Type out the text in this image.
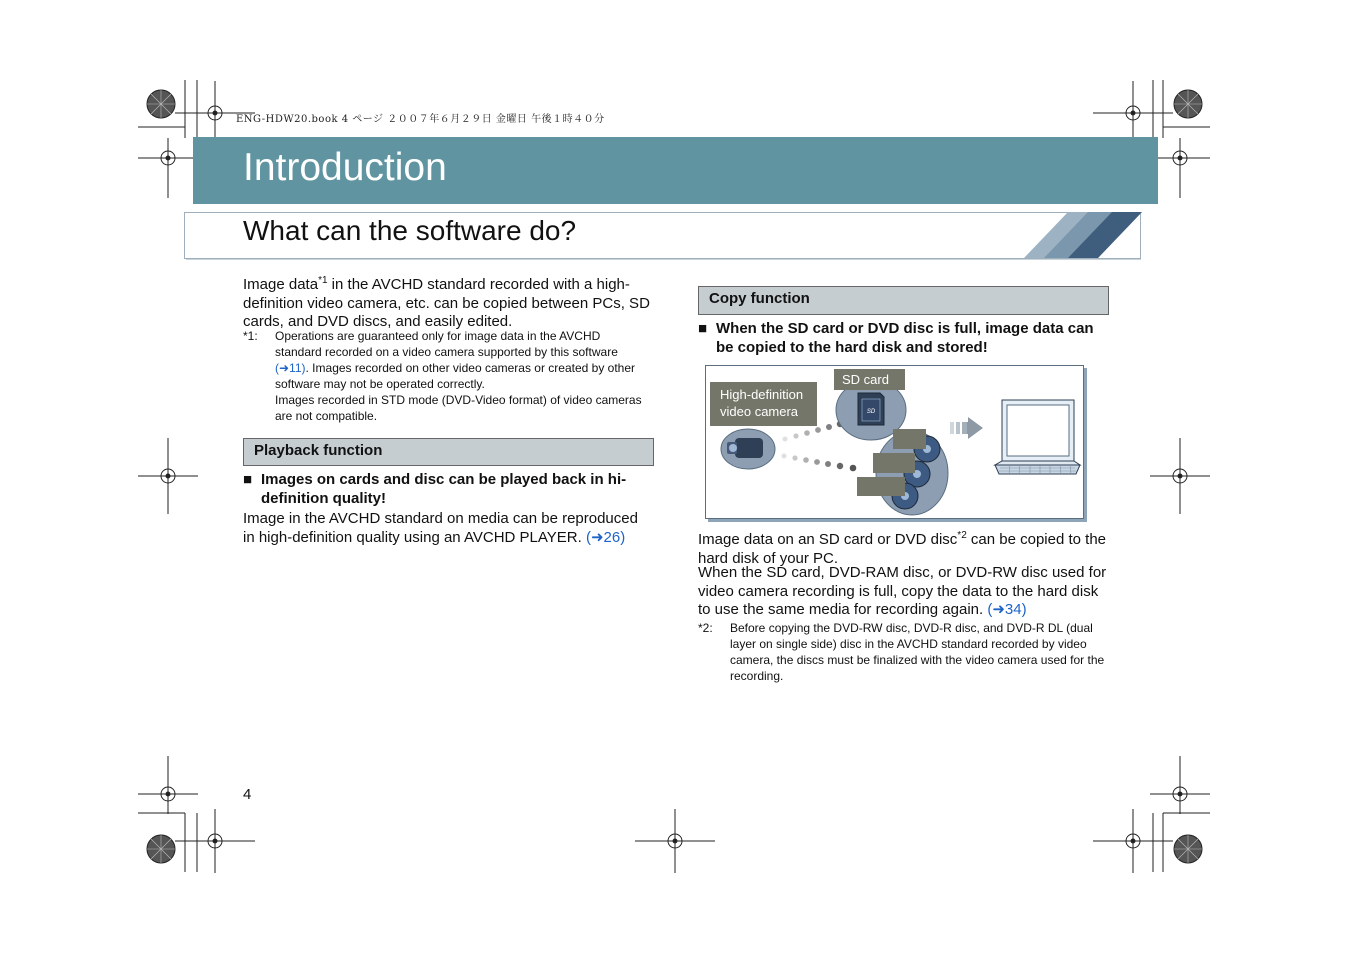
ENG-HDW20.book 4 ページ ２００７年６月２９日 金曜日 午後１時４０分
Introduction
What can the software do?
Image data$^{*1}$ in the AVCHD standard recorded with a high-definition video camera, etc. can be copied between PCs, SD cards, and DVD discs, and easily edited.
*1: Operations are guaranteed only for image data in the AVCHD standard recorded on a video camera supported by this software (➜11). Images recorded on other video cameras or created by other software may not be operated correctly.
Images recorded in STD mode (DVD-Video format) of video cameras are not compatible.
Playback function
■ Images on cards and disc can be played back in hi-definition quality!
Image in the AVCHD standard on media can be reproduced in high-definition quality using an AVCHD PLAYER. (➜26)
Copy function
■ When the SD card or DVD disc is full, image data can be copied to the hard disk and stored!
SD
High-definition video camera
SD card
Image data on an SD card or DVD disc$^{*2}$ can be copied to the hard disk of your PC.
When the SD card, DVD-RAM disc, or DVD-RW disc used for video camera recording is full, copy the data to the hard disk to use the same media for recording again. (➜34)
*2: Before copying the DVD-RW disc, DVD-R disc, and DVD-R DL (dual layer on single side) disc in the AVCHD standard recorded by video camera, the discs must be finalized with the video camera used for the recording.
4
